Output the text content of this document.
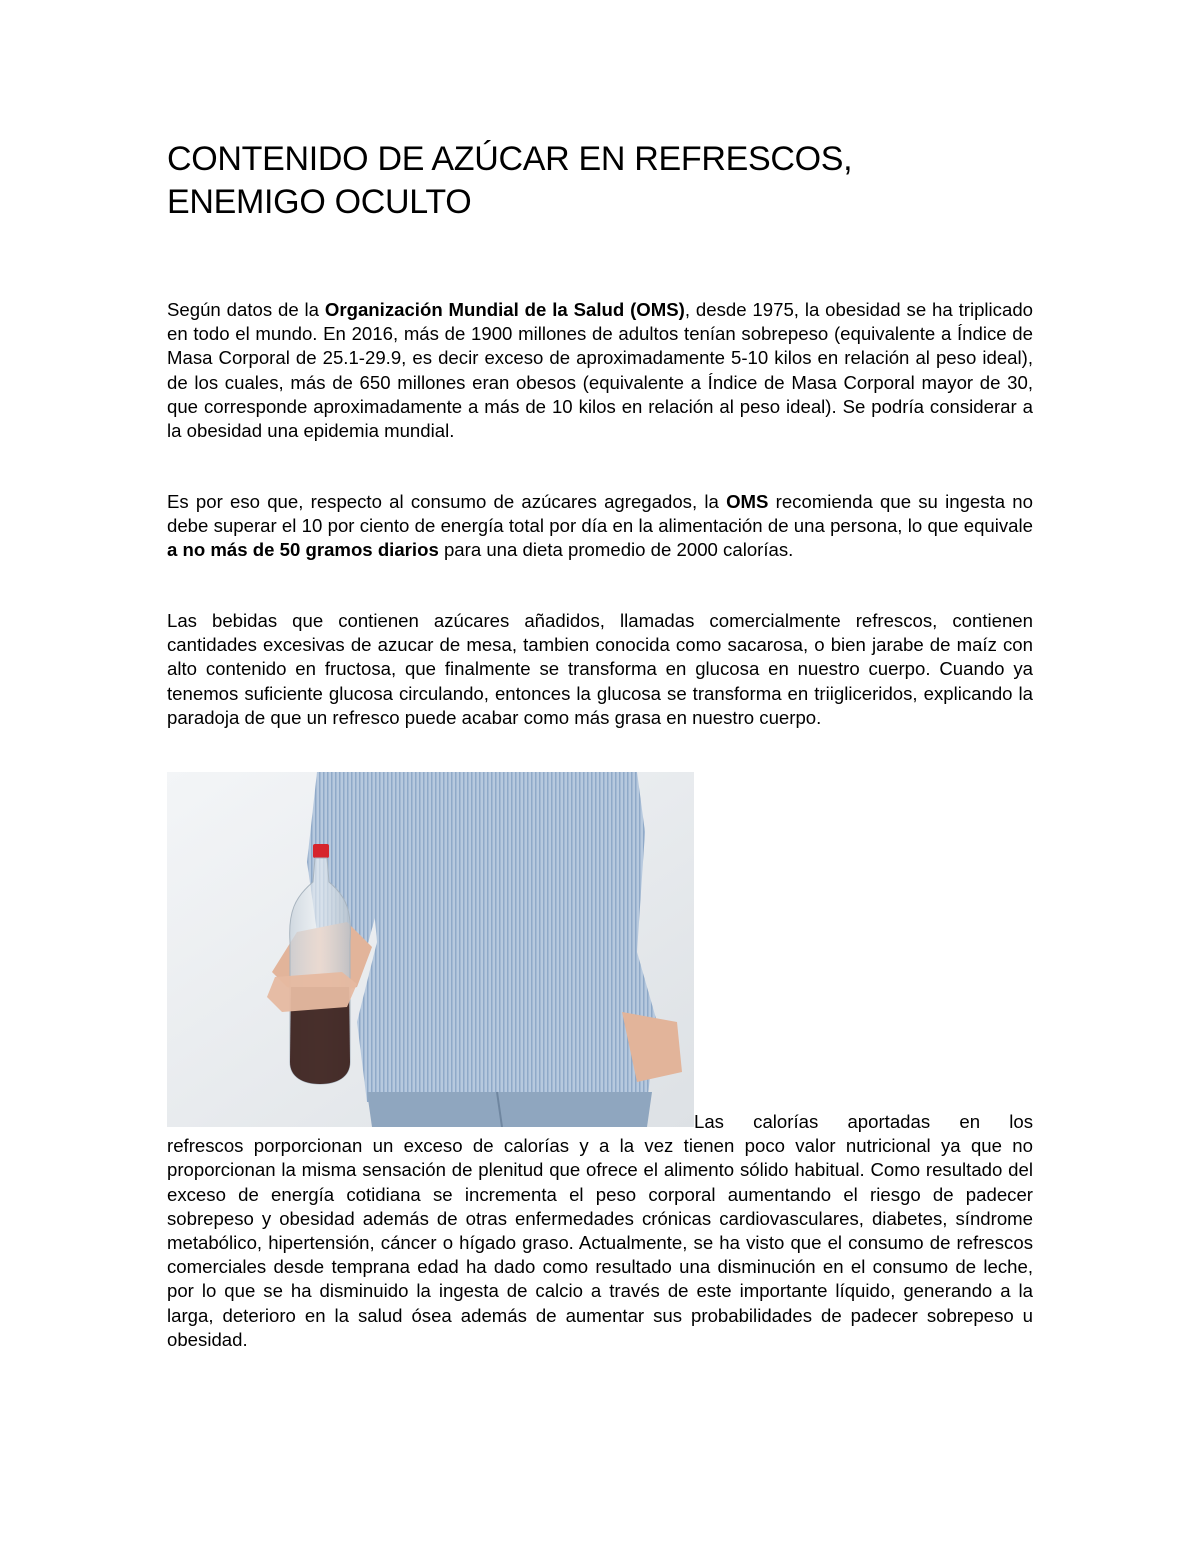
CONTENIDO DE AZÚCAR EN REFRESCOS,
ENEMIGO OCULTO

Según datos de la Organización Mundial de la Salud (OMS), desde 1975, la obesidad se ha triplicado en todo el mundo. En 2016, más de 1900 millones de adultos tenían sobrepeso (equivalente a Índice de Masa Corporal de 25.1-29.9, es decir exceso de aproximadamente 5-10 kilos en relación al peso ideal), de los cuales, más de 650 millones eran obesos (equivalente a Índice de Masa Corporal mayor de 30, que corresponde aproximadamente a más de 10 kilos en relación al peso ideal). Se podría considerar a la obesidad una epidemia mundial.

Es por eso que, respecto al consumo de azúcares agregados, la OMS recomienda que su ingesta no debe superar el 10 por ciento de energía total por día en la alimentación de una persona, lo que equivale a no más de 50 gramos diarios para una dieta promedio de 2000 calorías.

Las bebidas que contienen azúcares añadidos, llamadas comercialmente refrescos, contienen cantidades excesivas de azucar de mesa, tambien conocida como sacarosa, o bien jarabe de maíz con alto contenido en fructosa, que finalmente se transforma en glucosa en nuestro cuerpo. Cuando ya tenemos suficiente glucosa circulando, entonces la glucosa se transforma en triigliceridos, explicando la paradoja de que un refresco puede acabar como más grasa en nuestro cuerpo.

Las calorías aportadas en los
refrescos porporcionan un exceso de calorías y a la vez tienen poco valor nutricional ya que no proporcionan la misma sensación de plenitud que ofrece el alimento sólido habitual. Como resultado del exceso de energía cotidiana se incrementa el peso corporal aumentando el riesgo de padecer sobrepeso y obesidad además de otras enfermedades crónicas cardiovasculares, diabetes, síndrome metabólico, hipertensión, cáncer o hígado graso. Actualmente, se ha visto que el consumo de refrescos comerciales desde temprana edad ha dado como resultado una disminución en el consumo de leche, por lo que se ha disminuido la ingesta de calcio a través de este importante líquido, generando a la larga, deterioro en la salud ósea además de aumentar sus probabilidades de padecer sobrepeso u obesidad.
